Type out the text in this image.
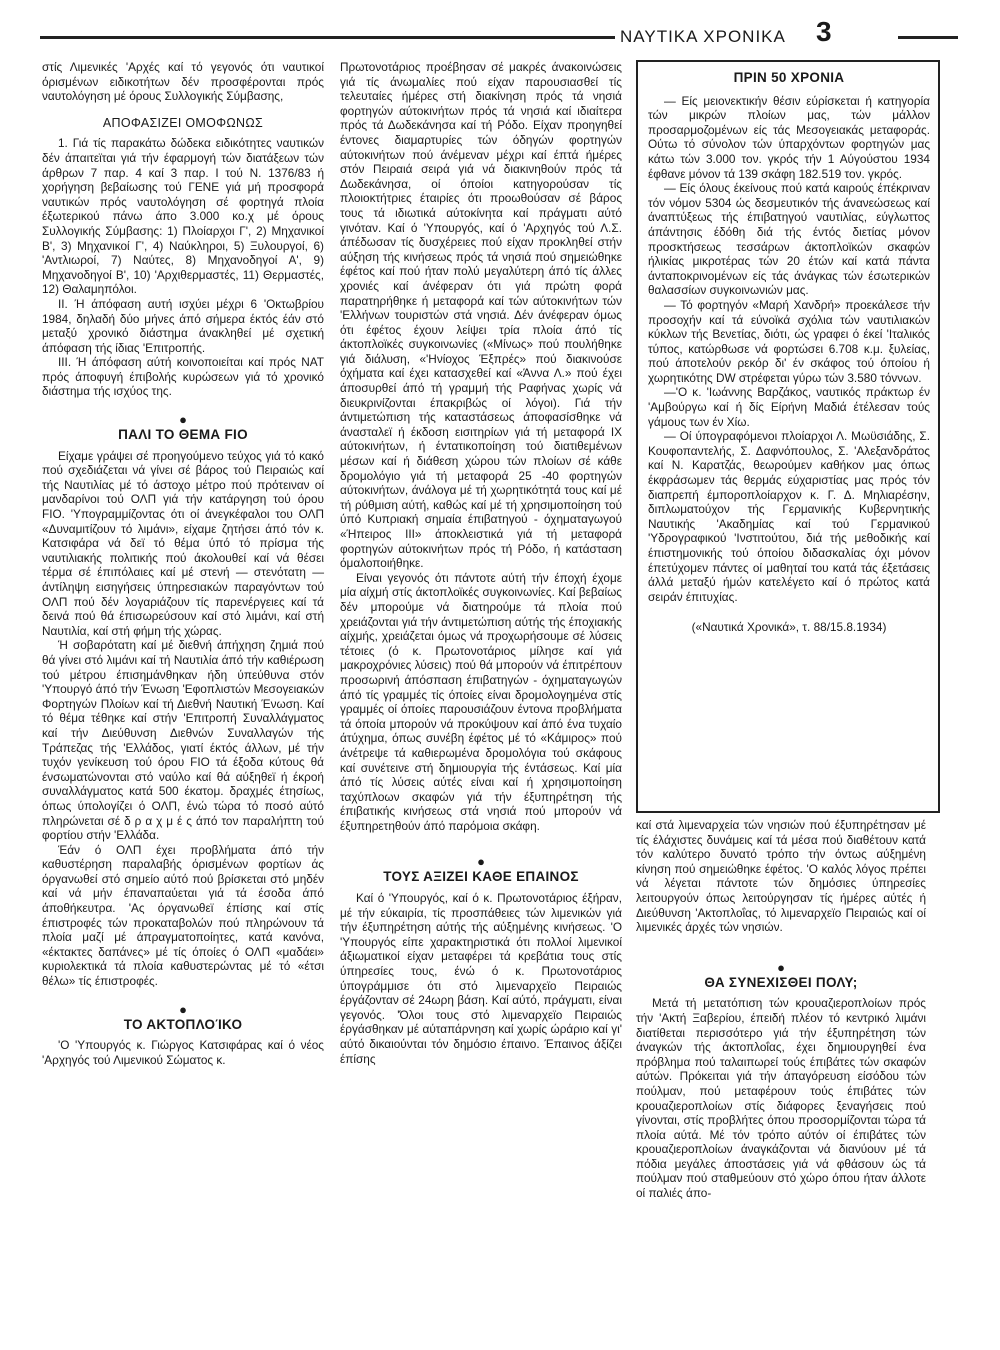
ΝΑΥΤΙΚΑ ΧΡΟΝΙΚΑ 3

στίς Λιμενικές 'Αρχές καί τό γεγονός ότι ναυτικοί όρισμένων ειδικοτήτων δέν προσφέρονται πρός ναυτολόγηση μέ όρους Συλλογικής Σύμβασης,

ΑΠΟΦΑΣΙΖΕΙ ΟΜΟΦΩΝΩΣ

1. Γιά τίς παρακάτω δώδεκα ειδικότητες ναυτικών δέν άπαιτεϊται γιά τήν έφαρμογή τών διατάξεων τών άρθρων 7 παρ. 4 καί 3 παρ. Ι τού Ν. 1376/83 ή χορήγηση βεβαίωσης τού ΓΕΝΕ γιά μή προσφορά ναυτικών πρός ναυτολόγηση σέ φορτηγά πλοία έξωτερικού πάνω άπο 3.000 κο.χ μέ όρους Συλλογικής Σύμβασης: 1) Πλοίαρχοι Γ', 2) Μηχανικοί Β', 3) Μηχανικοί Γ', 4) Ναύκληροι, 5) Ξυλουργοί, 6) 'Αντλιωροί, 7) Ναύτες, 8) Μηχανοδηγοί Α', 9) Μηχανοδηγοί Β', 10) 'Αρχιθερμαστές, 11) Θερμαστές, 12) Θαλαμηπόλοι.

II. Ή άπόφαση αυτή ισχύει μέχρι 6 'Οκτωβρίου 1984, δηλαδή δύο μήνες άπό σήμερα έκτός έάν στό μεταξύ χρονικό διάστημα άνακληθεί μέ σχετική άπόφαση τής ίδιας 'Επιτροπής.

III. Ή άπόφαση αύτή κοινοποιείται καί πρός ΝΑΤ πρός άποφυγή έπιβολής κυρώσεων γιά τό χρονικό διάστημα τής ισχύος της.

●
ΠΑΛΙ ΤΟ ΘΕΜΑ FIO

Είχαμε γράψει σέ προηγούμενο τεύχος γιά τό κακό πού σχεδιάζεται νά γίνει σέ βάρος τού Πειραιώς καί τής Ναυτιλίας μέ τό άστοχο μέτρο πού πρότειναν οί μανδαρίνοι τού ΟΛΠ γιά τήν κατάργηση τού όρου FIO. 'Υπογραμμίζοντας ότι οί άνεγκέφαλοι του ΟΛΠ «Δυναμιτίζουν τό λιμάνι», είχαμε ζητήσει άπό τόν κ. Κατσιφάρα νά δεϊ τό θέμα ύπό τό πρίσμα τής ναυτιλιακής πολιτικής πού άκολουθεί καί νά θέσει τέρμα σέ έπιπόλαιες καί μέ στενή — στενότατη — άντίληψη εισηγήσεις ύπηρεσιακών παραγόντων τού ΟΛΠ πού δέν λογαριάζουν τίς παρενέργειες καί τά δεινά πού θά έπισωρεύσουν καί στό λιμάνι, καί στή Ναυτιλία, καί στή φήμη τής χώρας.

Ή σοβαρότατη καί μέ διεθνή άπήχηση ζημιά πού θά γίνει στό λιμάνι καί τή Ναυτιλία άπό τήν καθιέρωση τού μέτρου έπισημάνθηκαν ήδη ύπεύθυνα στόν 'Υπουργό άπό τήν Ένωση 'Εφοπλιστών Μεσογειακών Φορτηγών Πλοίων καί τή Διεθνή Ναυτική Ένωση. Καί τό θέμα τέθηκε καί στήν 'Επιτροπή Συναλλάγματος καί τήν Διεύθυνση Διεθνών Συναλλαγών τής Τράπεζας τής 'Ελλάδος, γιατί έκτός άλλων, μέ τήν τυχόν γενίκευση τού όρου FIO τά έξοδα κύτους θά ένσωματώνονται στό ναύλο καί θά αύξηθεϊ ή έκροή συναλλάγματος κατά 500 έκατομ. δραχμές έτησίως, όπως ύπολογίζει ό ΟΛΠ, ένώ τώρα τό ποσό αύτό πληρώνεται σέ δ ρ α χ μ έ ς άπό τον παραλήπτη τού φορτίου στήν 'Ελλάδα.

Έάν ό ΟΛΠ έχει προβλήματα άπό τήν καθυστέρηση παραλαβής όρισμένων φορτίων άς όργανωθεί στό σημείο αύτό πού βρίσκεται στό μηδέν καί νά μήν έπαναπαύεται γιά τά έσοδα άπό άποθήκευτρα. 'Ας όργανωθεϊ έπίσης καί στίς έπιστροφές τών προκαταβολών πού πληρώνουν τά πλοία μαζί μέ άπραγματοποίητες, κατά κανόνα, «έκτακτες δαπάνες» μέ τίς όποίες ό ΟΛΠ «μαδάει» κυριολεκτικά τά πλοία καθυστερώντας μέ τό «έτσι θέλω» τίς έπιστροφές.

●
ΤΟ ΑΚΤΟΠΛΟΊΚΟ

'Ο 'Υπουργός κ. Γιώργος Κατσιφάρας καί ό νέος 'Αρχηγός τού Λιμενικού Σώματος κ.

Πρωτονοτάριος προέβησαν σέ μακρές άνακοινώσεις γιά τίς άνωμαλίες πού είχαν παρουσιασθεί τίς τελευταίες ήμέρες στή διακίνηση πρός τά νησιά φορτηγών αύτοκινήτων πρός τά νησιά καί ιδιαίτερα πρός τά Δωδεκάνησα καί τή Ρόδο. Είχαν προηγηθεί έντονες διαμαρτυρίες τών όδηγών φορτηγών αύτοκινήτων πού άνέμεναν μέχρι καί έπτά ήμέρες στόν Πειραιά σειρά γιά νά διακινηθούν πρός τά Δωδεκάνησα, οί όποίοι κατηγορούσαν τίς πλοιοκτήτριες έταιρίες ότι προωθούσαν σέ βάρος τους τά ιδιωτικά αύτοκίνητα καί πράγματι αύτό γινόταν. Καί ό 'Υπουργός, καί ό 'Αρχηγός τού Λ.Σ. άπέδωσαν τίς δυσχέρειες πού είχαν προκληθεί στήν αύξηση τής κινήσεως πρός τά νησιά πού σημειώθηκε έφέτος καί πού ήταν πολύ μεγαλύτερη άπό τίς άλλες χρονιές καί άνέφεραν ότι γιά πρώτη φορά παρατηρήθηκε ή μεταφορά καί τών αύτοκινήτων τών 'Ελλήνων τουριστών στά νησιά. Δέν άνέφεραν όμως ότι έφέτος έχουν λείψει τρία πλοία άπό τίς άκτοπλοϊκές συγκοινωνίες («Μίνως» πού πουλήθηκε γιά διάλυση, «'Ηνίοχος Έξπρές» πού διακινούσε όχήματα καί έχει κατασχεθεί καί «Άννα Λ.» πού έχει άποσυρθεί άπό τή γραμμή τής Ραφήνας χωρίς νά διευκρινίζονται έπακριβώς οί λόγοι). Γιά τήν άντιμετώπιση τής καταστάσεως άποφασίσθηκε νά άνασταλεϊ ή έκδοση εισιτηρίων γιά τή μεταφορά ΙΧ αύτοκινήτων, ή έντατικοποίηση τού διατιθεμένων μέσων καί ή διάθεση χώρου τών πλοίων σέ κάθε δρομολόγιο γιά τή μεταφορά 25 -40 φορτηγών αύτοκινήτων, άνάλογα μέ τή χωρητικότητά τους καί μέ τή ρύθμιση αύτή, καθώς καί μέ τή χρησιμοποίηση τού ύπό Κυπριακή σημαία έπιβατηγού - όχηματαγωγού «Ήπειρος ΙΙΙ» άποκλειστικά γιά τή μεταφορά φορτηγών αύτοκινήτων πρός τή Ρόδο, ή κατάσταση όμαλοποιήθηκε.

Είναι γεγονός ότι πάντοτε αύτή τήν έποχή έχομε μία αίχμή στίς άκτοπλοϊκές συγκοινωνίες. Καί βεβαίως δέν μπορούμε νά διατηρούμε τά πλοία πού χρειάζονται γιά τήν άντιμετώπιση αύτής τής έποχιακής αίχμής, χρειάζεται όμως νά προχωρήσουμε σέ λύσεις τέτοιες (ό κ. Πρωτονοτάριος μίλησε καί γιά μακροχρόνιες λύσεις) πού θά μπορούν νά έπιτρέπουν προσωρινή άπόσπαση έπιβατηγών - όχηματαγωγών άπό τίς γραμμές τίς όποίες είναι δρομολογημένα στίς γραμμές οί όποίες παρουσιάζουν έντονα προβλήματα τά όποία μπορούν νά προκύψουν καί άπό ένα τυχαίο άτύχημα, όπως συνέβη έφέτος μέ τό «Κάμιρος» πού άνέτρεψε τά καθιερωμένα δρομολόγια τού σκάφους καί συνέτεινε στή δημιουργία τής έντάσεως. Καί μία άπό τίς λύσεις αύτές είναι καί ή χρησιμοποίηση ταχύπλοων σκαφών γιά τήν έξυπηρέτηση τής έπιβατικής κινήσεως στά νησιά πού μπορούν νά έξυπηρετηθούν άπό παρόμοια σκάφη.

●
ΤΟΥΣ ΑΞΙΖΕΙ ΚΑΘΕ ΕΠΑΙΝΟΣ

Καί ό 'Υπουργός, καί ό κ. Πρωτονοτάριος έξήραν, μέ τήν εύκαιρία, τίς προσπάθειες τών λιμενικών γιά τήν έξυπηρέτηση αύτής τής αύξημένης κινήσεως. 'Ο 'Υπουργός είπε χαρακτηριστικά ότι πολλοί λιμενικοί άξιωματικοί είχαν μεταφέρει τά κρεβάτια τους στίς ύπηρεσίες τους, ένώ ό κ. Πρωτονοτάριος ύπογράμμισε ότι στό λιμεναρχεϊο Πειραιώς έργάζονταν σέ 24ωρη βάση. Καί αύτό, πράγματι, είναι γεγονός. 'Όλοι τους στό λιμεναρχεϊο Πειραιώς έργάσθηκαν μέ αύταπάρνηση καί χωρίς ώράριο καί γι' αύτό δικαιούνται τόν δημόσιο έπαινο. Έπαινος άξίζει έπίσης

ΠΡΙΝ 50 ΧΡΟΝΙΑ

— Είς μειονεκτικήν θέσιν εύρίσκεται ή κατηγορία τών μικρών πλοίων μας, τών μάλλον προσαρμοζομένων είς τάς Μεσογειακάς μεταφοράς. Ούτω τό σύνολον τών ύπαρχόντων φορτηγών μας κάτω τών 3.000 τον. γκρός τήν 1 Αύγούστου 1934 έφθανε μόνον τά 139 σκάφη 182.519 τον. γκρός.

— Είς όλους έκείνους πού κατά καιρούς έπέκριναν τόν νόμον 5304 ώς δεσμευτικόν τής άνανεώσεως καί άναπτύξεως τής έπιβατηγού ναυτιλίας, εύγλωττος άπάντησις έδόθη διά τής έντός διετίας μόνον προσκτήσεως τεσσάρων άκτοπλοϊκών σκαφών ήλικίας μικροτέρας τών 20 έτών καί κατά πάντα άνταποκρινομένων είς τάς άνάγκας τών έσωτερικών θαλασσίων συγκοινωνιών μας.

— Τό φορτηγόν «Μαρή Χανδρή» προεκάλεσε τήν προσοχήν καί τά εύνοϊκά σχόλια τών ναυτιλιακών κύκλων τής Βενετίας, διότι, ώς γραφει ό έκεί 'Ιταλικός τύπος, κατώρθωσε νά φορτώσει 6.708 κ.μ. ξυλείας, πού άποτελούν ρεκόρ δι' έν σκάφος τού όποίου ή χωρητικότης DW στρέφεται γύρω τών 3.580 τόννων.

—'Ο κ. 'Ιωάννης Βαρζάκος, ναυτικός πράκτωρ έν 'Αμβούργω καί ή δίς Είρήνη Μαδιά έτέλεσαν τούς γάμους των έν Χίω.

— Οί ύπογραφόμενοι πλοίαρχοι Λ. Μωϋσιάδης, Σ. Κουφοπαντελής, Σ. Δαφνόπουλος, Σ. 'Αλεξανδράτος καί Ν. Καρατζάς, θεωρούμεν καθήκον μας όπως έκφράσωμεν τάς θερμάς εύχαριστίας μας πρός τόν διαπρεπή έμποροπλοίαρχον κ. Γ. Δ. Μηλιαρέσην, διπλωματούχον τής Γερμανικής Κυβερνητικής Ναυτικής 'Ακαδημίας καί τού Γερμανικού 'Υδρογραφικού 'Ινστιτούτου, διά τής μεθοδικής καί έπιστημονικής τού όποίου διδασκαλίας όχι μόνον έπετύχομεν πάντες οί μαθηταί του κατά τάς έξετάσεις άλλά μεταξύ ήμών κατελέγετο καί ό πρώτος κατά σειράν έπιτυχίας.

(«Ναυτικά Χρονικά», τ. 88/15.8.1934)

καί στά λιμεναρχεία τών νησιών πού έξυπηρέτησαν μέ τίς έλάχιστες δυνάμεις καί τά μέσα πού διαθέτουν κατά τόν καλύτερο δυνατό τρόπο τήν όντως αύξημένη κίνηση πού σημειώθηκε έφέτος. 'Ο καλός λόγος πρέπει νά λέγεται πάντοτε τών δημόσιες ύπηρεσίες λειτουργούν όπως λειτούργησαν τίς ήμέρες αύτές ή Διεύθυνση 'Ακτοπλοΐας, τό λιμεναρχεϊο Πειραιώς καί οί λιμενικές άρχές τών νησιών.

●
ΘΑ ΣΥΝΕΧΙΣΘΕΙ ΠΟΛΥ;

Μετά τή μετατόπιση τών κρουαζιεροπλοίων πρός τήν 'Ακτή Ξαβερίου, έπειδή πλέον τό κεντρικό λιμάνι διατίθεται περισσότερο γιά τήν έξυπηρέτηση τών άναγκών τής άκτοπλοΐας, έχει δημιουργηθεί ένα πρόβλημα πού ταλαιπωρεί τούς έπιβάτες τών σκαφών αύτών. Πρόκειται γιά τήν άπαγόρευση είσόδου τών πούλμαν, πού μεταφέρουν τούς έπιβάτες τών κρουαζιεροπλοίων στίς διάφορες ξεναγήσεις πού γίνονται, στίς προβλήτες όπου προσορμίζονται τώρα τά πλοία αύτά. Μέ τόν τρόπο αύτόν οί έπιβάτες τών κρουαζιεροπλοίων άναγκάζονται νά διανύουν μέ τά πόδια μεγάλες άποστάσεις γιά νά φθάσουν ώς τά πούλμαν πού σταθμεύουν στό χώρο όπου ήταν άλλοτε οί παλιές άπο-
